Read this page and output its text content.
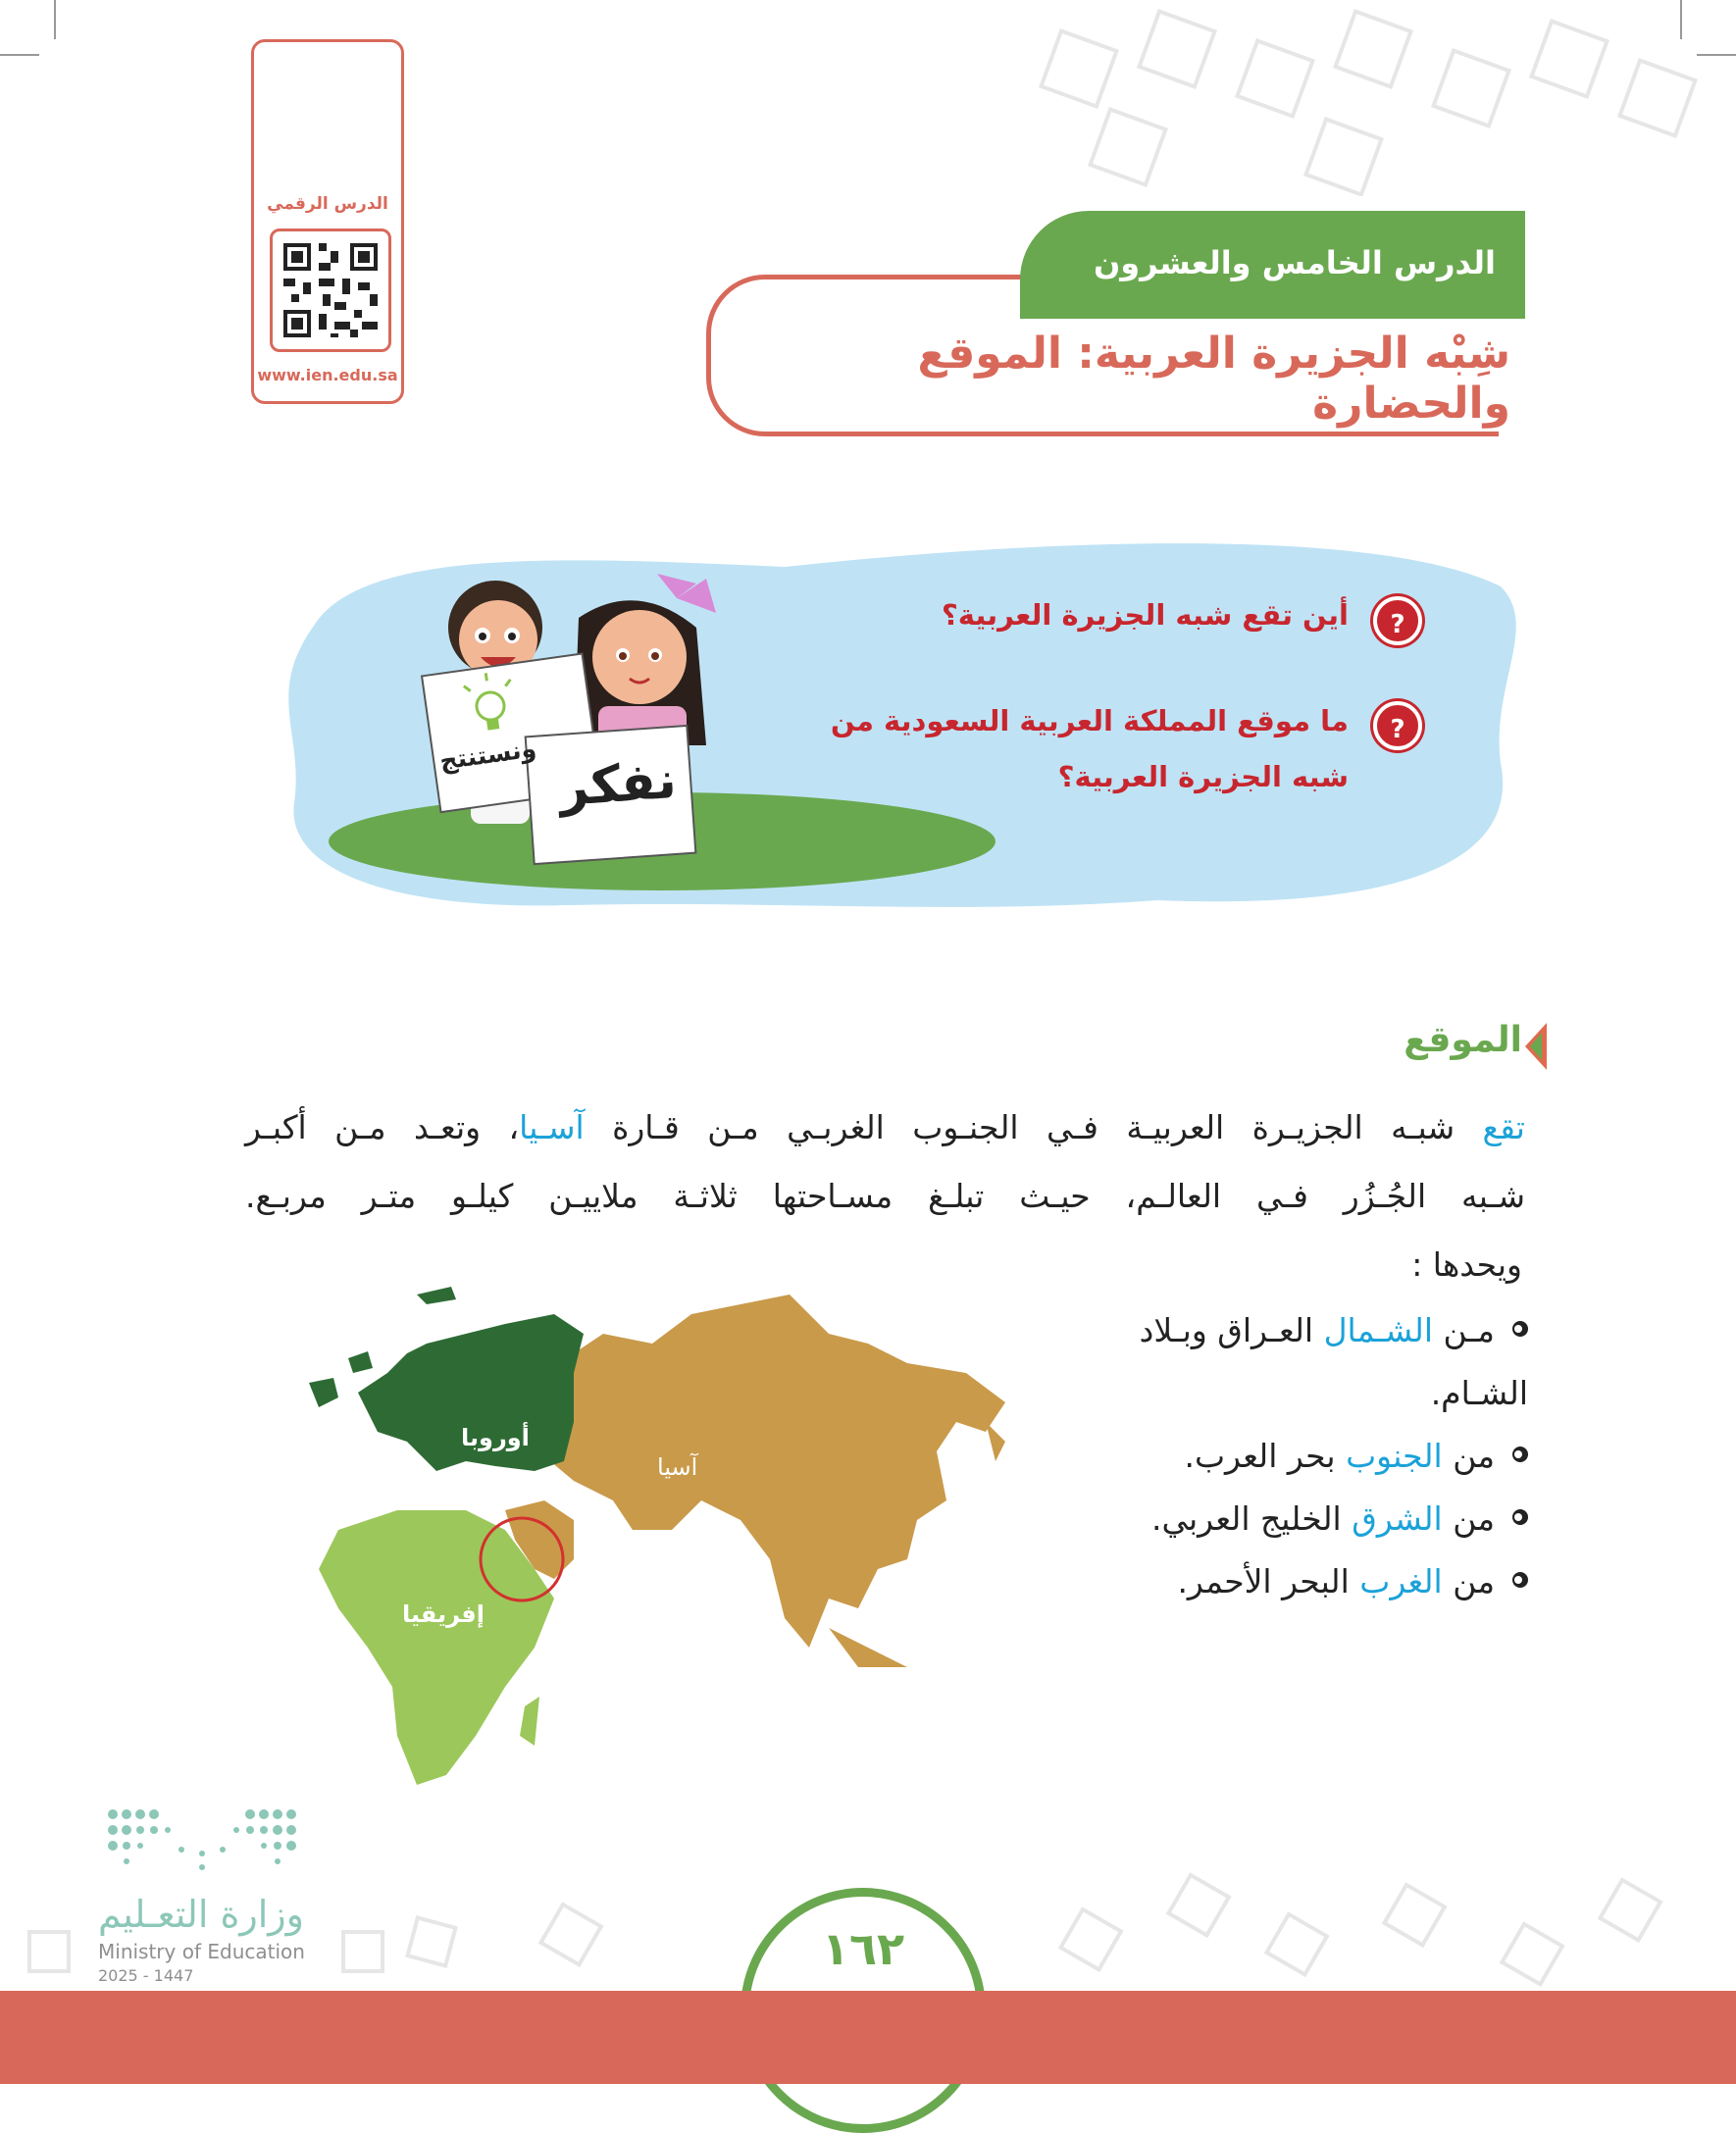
الدرس الرقمي
www.ien.edu.sa
الدرس الخامس والعشرون
شِبْه الجزيرة العربية: الموقع والحضارة
ونستنتج نفكر
?
أين تقع شبه الجزيرة العربية؟
?
ما موقع المملكة العربية السعودية من
شبه الجزيرة العربية؟
الموقع
تقع شبـه الجزيـرة العربيـة فـي الجنـوب الغربـي مـن قـارة آسـيا، وتعـد مـن أكبـر
شـبه الجُـزُر فـي العالـم، حيـث تبلـغ مسـاحتها ثلاثـة ملاييـن كيلـو متـر مربـع.
ويحدها :
مـن الشـمال العـراق وبـلاد
الشـام.
من الجنوب بحر العرب.
من الشرق الخليج العربي.
من الغرب البحر الأحمر.
أوروبا
آسيا
إفريقيا
وزارة التعـليم
Ministry of Education
2025 - 1447
١٦٢
